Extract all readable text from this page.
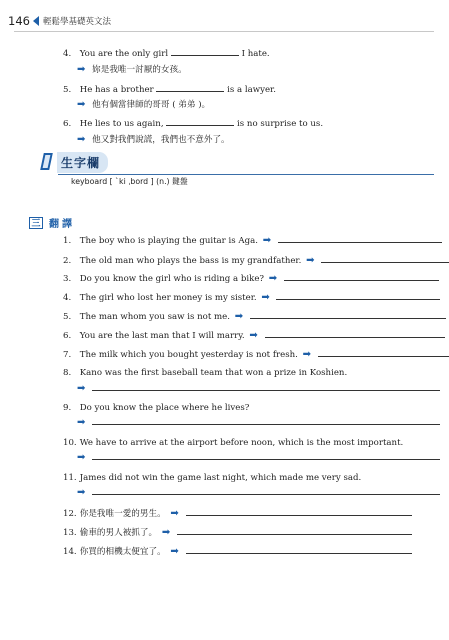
146 輕鬆學基礎英文法
4. You are the only girl	I hate.
➡ 妳是我唯一討厭的女孩。
5. He has a brother	is a lawyer.
➡ 他有個當律師的哥哥 ( 弟弟 )。
6. He lies to us again,	is no surprise to us.
➡ 他又對我們說謊，我們也不意外了。
生字欄
keyboard [ ˋki ˌbord ] (n.) 鍵盤
三 翻譯
1. The boy who is playing the guitar is Aga. ➡
2. The old man who plays the bass is my grandfather. ➡
3. Do you know the girl who is riding a bike? ➡
4. The girl who lost her money is my sister. ➡
5. The man whom you saw is not me. ➡
6. You are the last man that I will marry. ➡
7. The milk which you bought yesterday is not fresh. ➡
8. Kano was the first baseball team that won a prize in Koshien.
➡
9. Do you know the place where he lives?
➡
10. We have to arrive at the airport before noon, which is the most important.
➡
11. James did not win the game last night, which made me very sad.
➡
12. 你是我唯一愛的男生。 ➡
13. 偷車的男人被抓了。 ➡
14. 你買的相機太便宜了。 ➡
